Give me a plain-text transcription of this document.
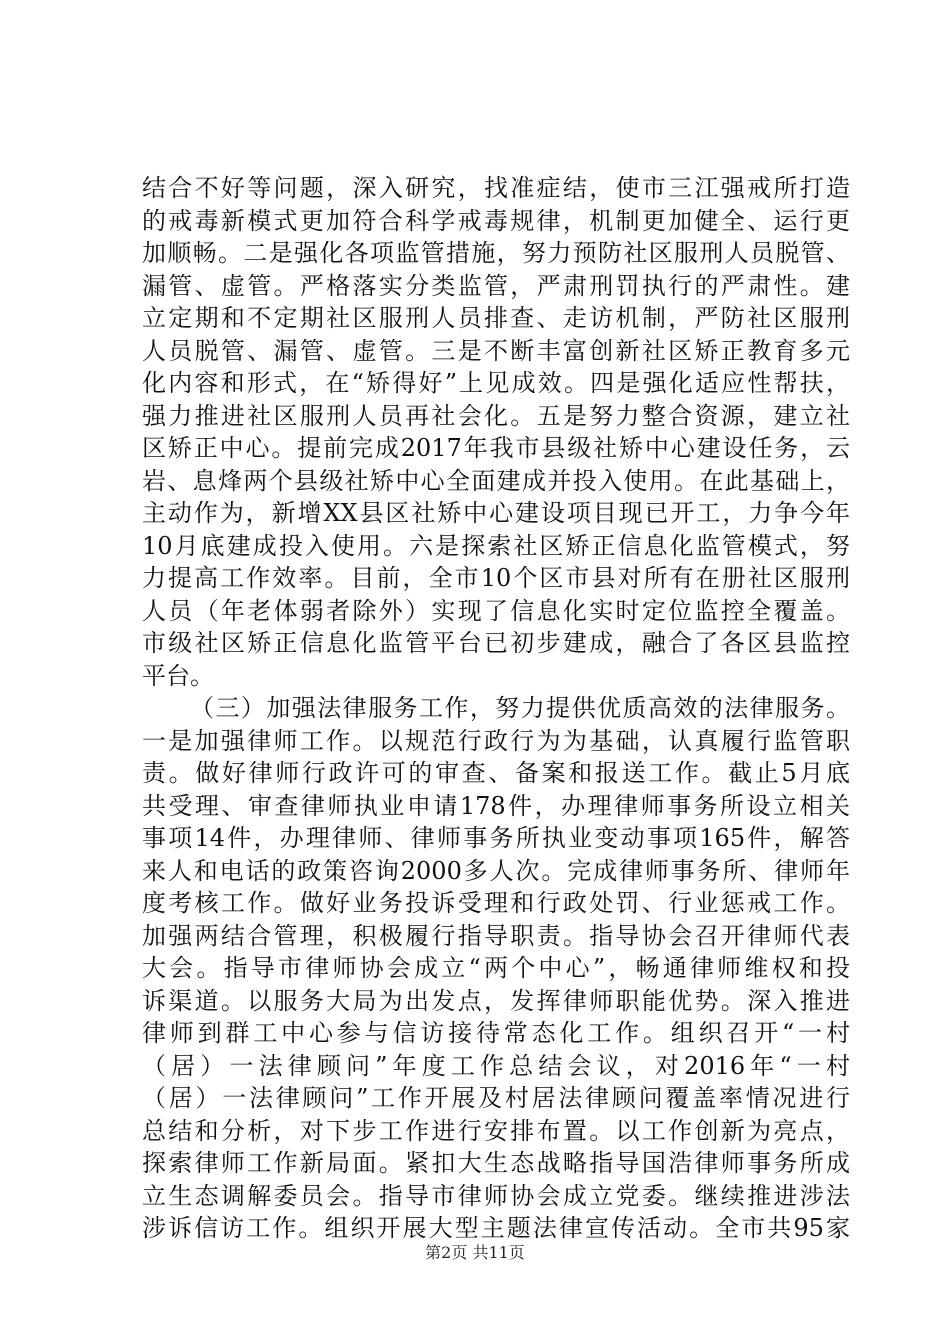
结合不好等问题，深入研究，找准症结，使市三江强戒所打造
的戒毒新模式更加符合科学戒毒规律，机制更加健全、运行更
加顺畅。二是强化各项监管措施，努力预防社区服刑人员脱管、
漏管、虚管。严格落实分类监管，严肃刑罚执行的严肃性。建
立定期和不定期社区服刑人员排查、走访机制，严防社区服刑
人员脱管、漏管、虚管。三是不断丰富创新社区矫正教育多元
化内容和形式，在“矫得好”上见成效。四是强化适应性帮扶，
强力推进社区服刑人员再社会化。五是努力整合资源，建立社
区矫正中心。提前完成2017年我市县级社矫中心建设任务，云
岩、息烽两个县级社矫中心全面建成并投入使用。在此基础上，
主动作为，新增XX县区社矫中心建设项目现已开工，力争今年
10月底建成投入使用。六是探索社区矫正信息化监管模式，努
力提高工作效率。目前，全市10个区市县对所有在册社区服刑
人员（年老体弱者除外）实现了信息化实时定位监控全覆盖。
市级社区矫正信息化监管平台已初步建成，融合了各区县监控
平台。
（三）加强法律服务工作，努力提供优质高效的法律服务。
一是加强律师工作。以规范行政行为为基础，认真履行监管职
责。做好律师行政许可的审查、备案和报送工作。截止5月底
共受理、审查律师执业申请178件，办理律师事务所设立相关
事项14件，办理律师、律师事务所执业变动事项165件，解答
来人和电话的政策咨询2000多人次。完成律师事务所、律师年
度考核工作。做好业务投诉受理和行政处罚、行业惩戒工作。
加强两结合管理，积极履行指导职责。指导协会召开律师代表
大会。指导市律师协会成立“两个中心”，畅通律师维权和投
诉渠道。以服务大局为出发点，发挥律师职能优势。深入推进
律师到群工中心参与信访接待常态化工作。组织召开“一村
（居）一法律顾问”年度工作总结会议，对2016年“一村
（居）一法律顾问”工作开展及村居法律顾问覆盖率情况进行
总结和分析，对下步工作进行安排布置。以工作创新为亮点，
探索律师工作新局面。紧扣大生态战略指导国浩律师事务所成
立生态调解委员会。指导市律师协会成立党委。继续推进涉法
涉诉信访工作。组织开展大型主题法律宣传活动。全市共95家
第2页 共11页
